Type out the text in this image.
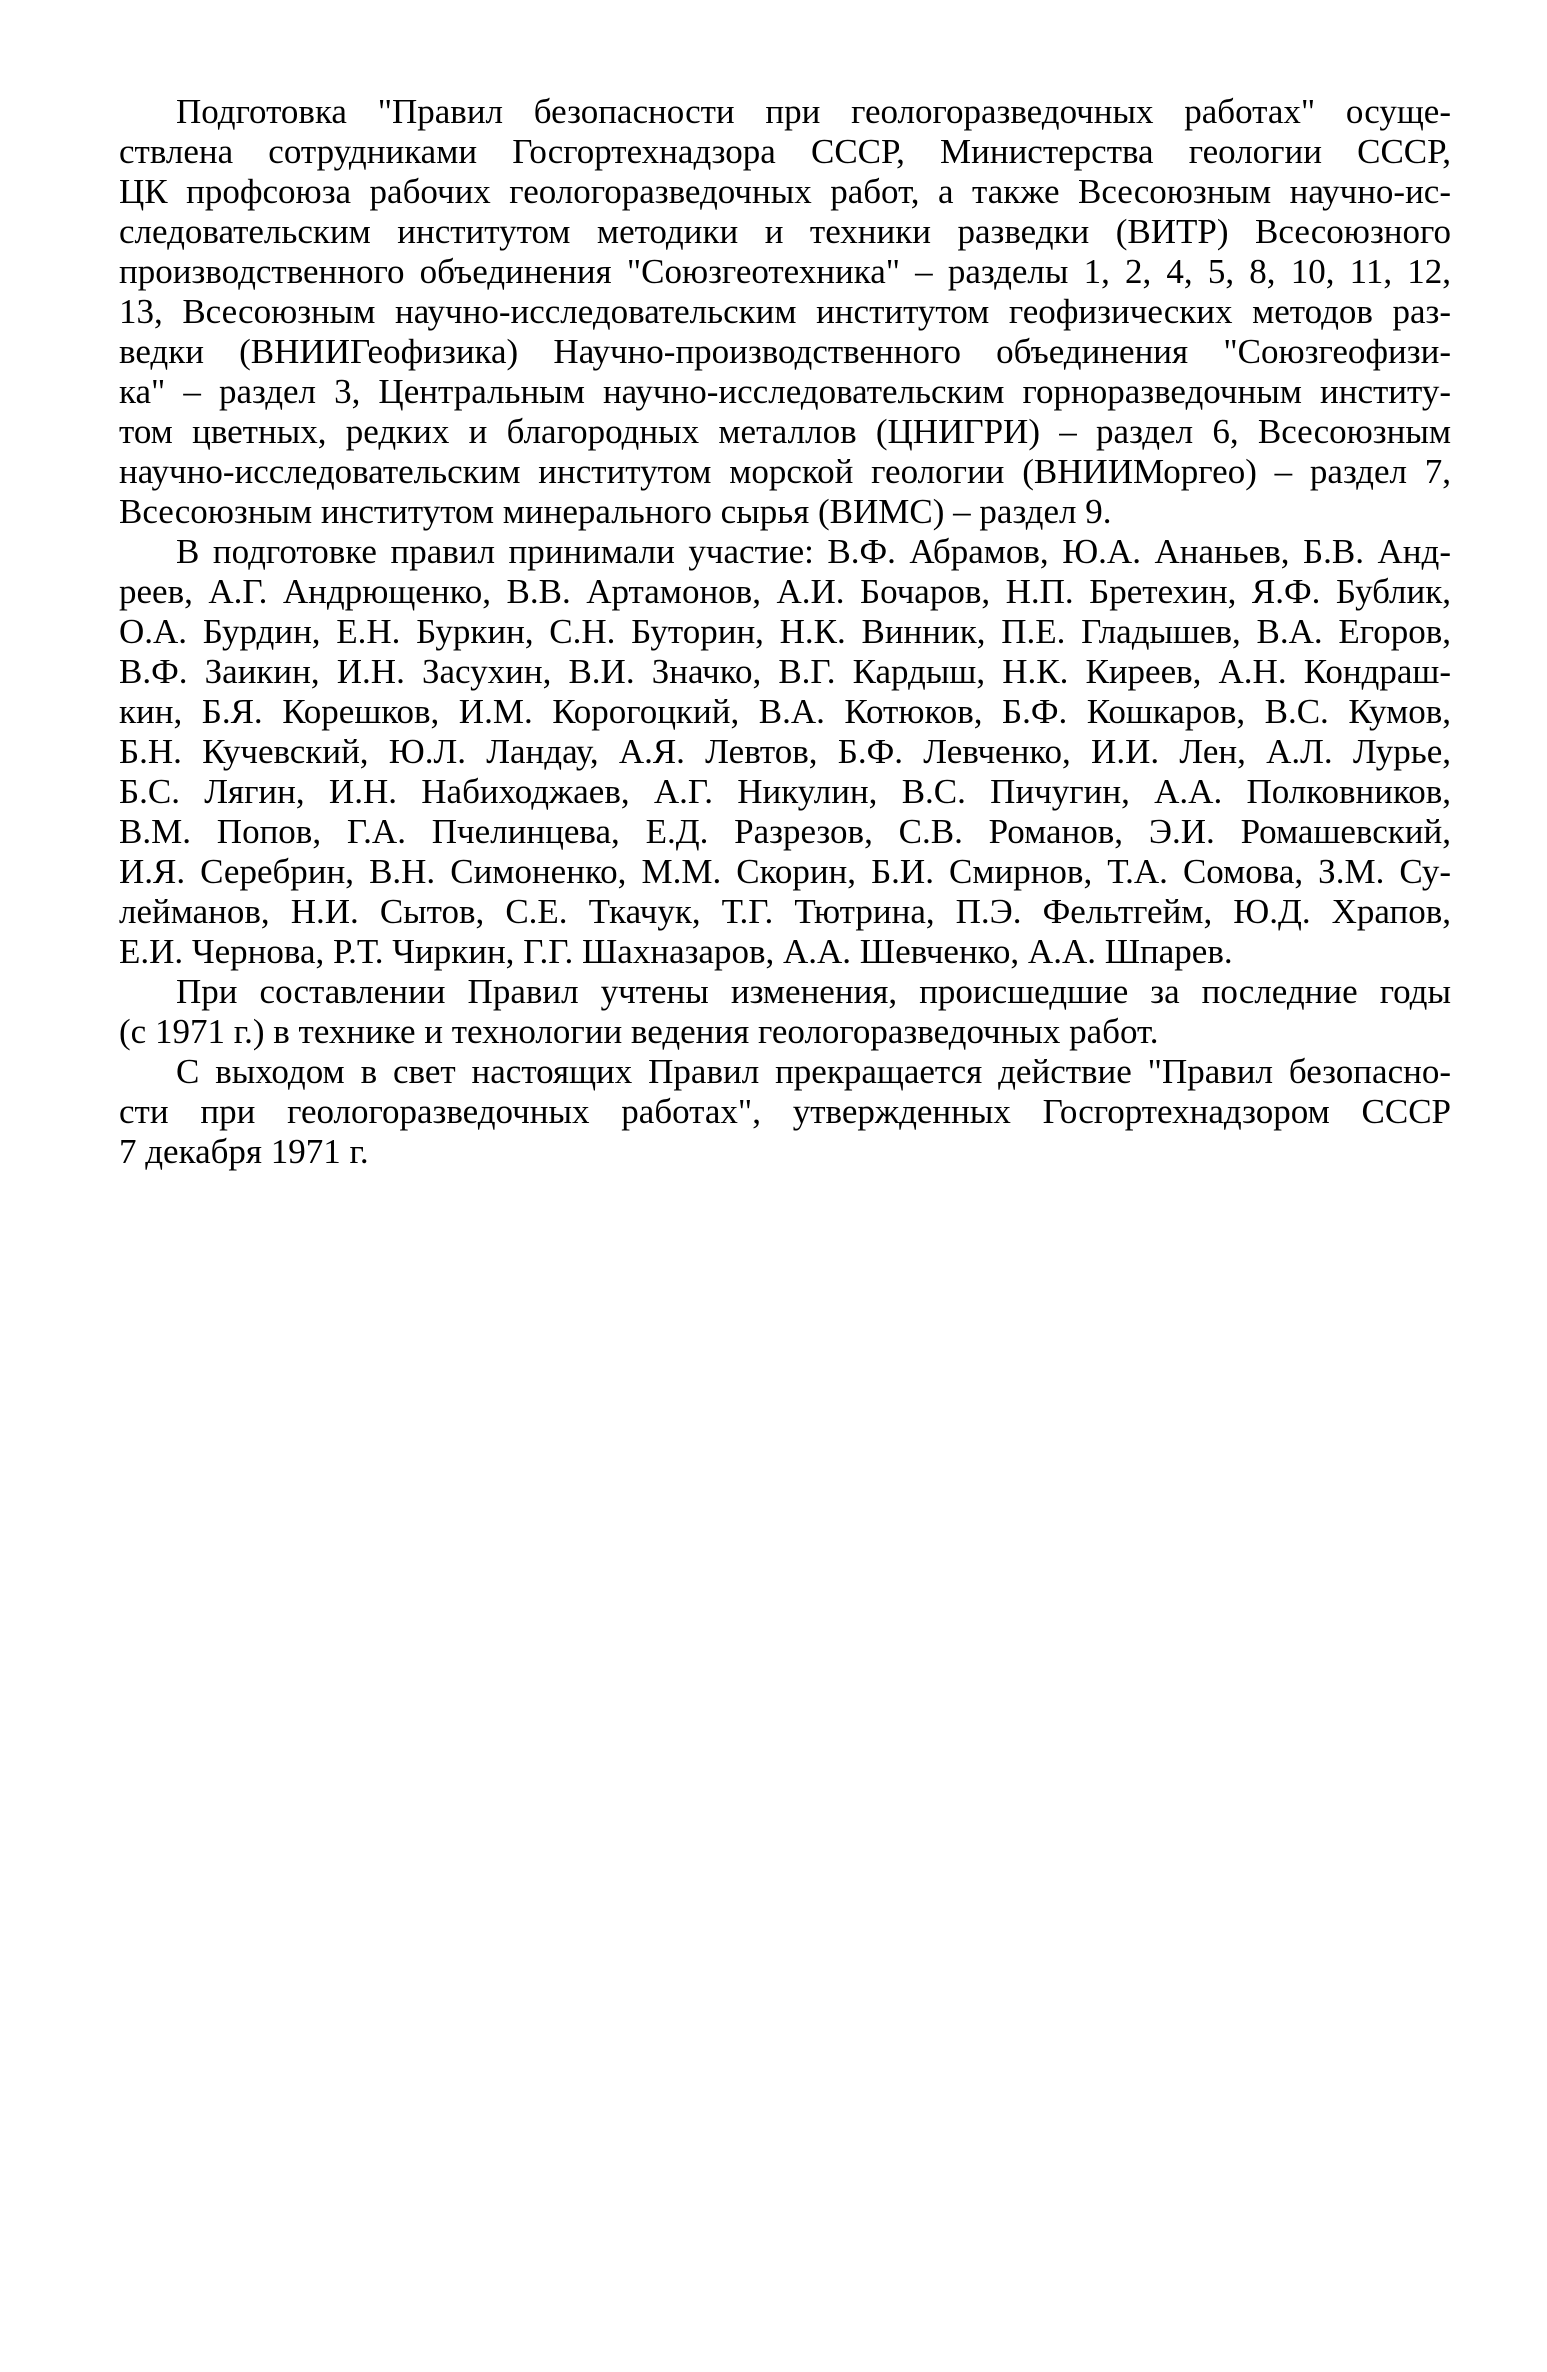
Подготовка "Правил безопасности при геологоразведочных работах" осуще-
ствлена сотрудниками Госгортехнадзора СССР, Министерства геологии СССР,
ЦК профсоюза рабочих геологоразведочных работ, а также Всесоюзным научно-ис-
следовательским институтом методики и техники разведки (ВИТР) Всесоюзного
производственного объединения "Союзгеотехника" – разделы 1, 2, 4, 5, 8, 10, 11, 12,
13, Всесоюзным научно-исследовательским институтом геофизических методов раз-
ведки (ВНИИГеофизика) Научно-производственного объединения "Союзгеофизи-
ка" – раздел 3, Центральным научно-исследовательским горноразведочным институ-
том цветных, редких и благородных металлов (ЦНИГРИ) – раздел 6, Всесоюзным
научно-исследовательским институтом морской геологии (ВНИИМоргео) – раздел 7,
Всесоюзным институтом минерального сырья (ВИМС) – раздел 9.
В подготовке правил принимали участие: В.Ф. Абрамов, Ю.А. Ананьев, Б.В. Анд-
реев, А.Г. Андрющенко, В.В. Артамонов, А.И. Бочаров, Н.П. Бретехин, Я.Ф. Бублик,
О.А. Бурдин, Е.Н. Буркин, С.Н. Буторин, Н.К. Винник, П.Е. Гладышев, В.А. Егоров,
В.Ф. Заикин, И.Н. Засухин, В.И. Значко, В.Г. Кардыш, Н.К. Киреев, А.Н. Кондраш-
кин, Б.Я. Корешков, И.М. Корогоцкий, В.А. Котюков, Б.Ф. Кошкаров, В.С. Кумов,
Б.Н. Кучевский, Ю.Л. Ландау, А.Я. Левтов, Б.Ф. Левченко, И.И. Лен, А.Л. Лурье,
Б.С. Лягин, И.Н. Набиходжаев, А.Г. Никулин, В.С. Пичугин, А.А. Полковников,
В.М. Попов, Г.А. Пчелинцева, Е.Д. Разрезов, С.В. Романов, Э.И. Ромашевский,
И.Я. Серебрин, В.Н. Симоненко, М.М. Скорин, Б.И. Смирнов, Т.А. Сомова, З.М. Су-
лейманов, Н.И. Сытов, С.Е. Ткачук, Т.Г. Тютрина, П.Э. Фельтгейм, Ю.Д. Храпов,
Е.И. Чернова, Р.Т. Чиркин, Г.Г. Шахназаров, А.А. Шевченко, А.А. Шпарев.
При составлении Правил учтены изменения, происшедшие за последние годы
(с 1971 г.) в технике и технологии ведения геологоразведочных работ.
С выходом в свет настоящих Правил прекращается действие "Правил безопасно-
сти при геологоразведочных работах", утвержденных Госгортехнадзором СССР
7 декабря 1971 г.
